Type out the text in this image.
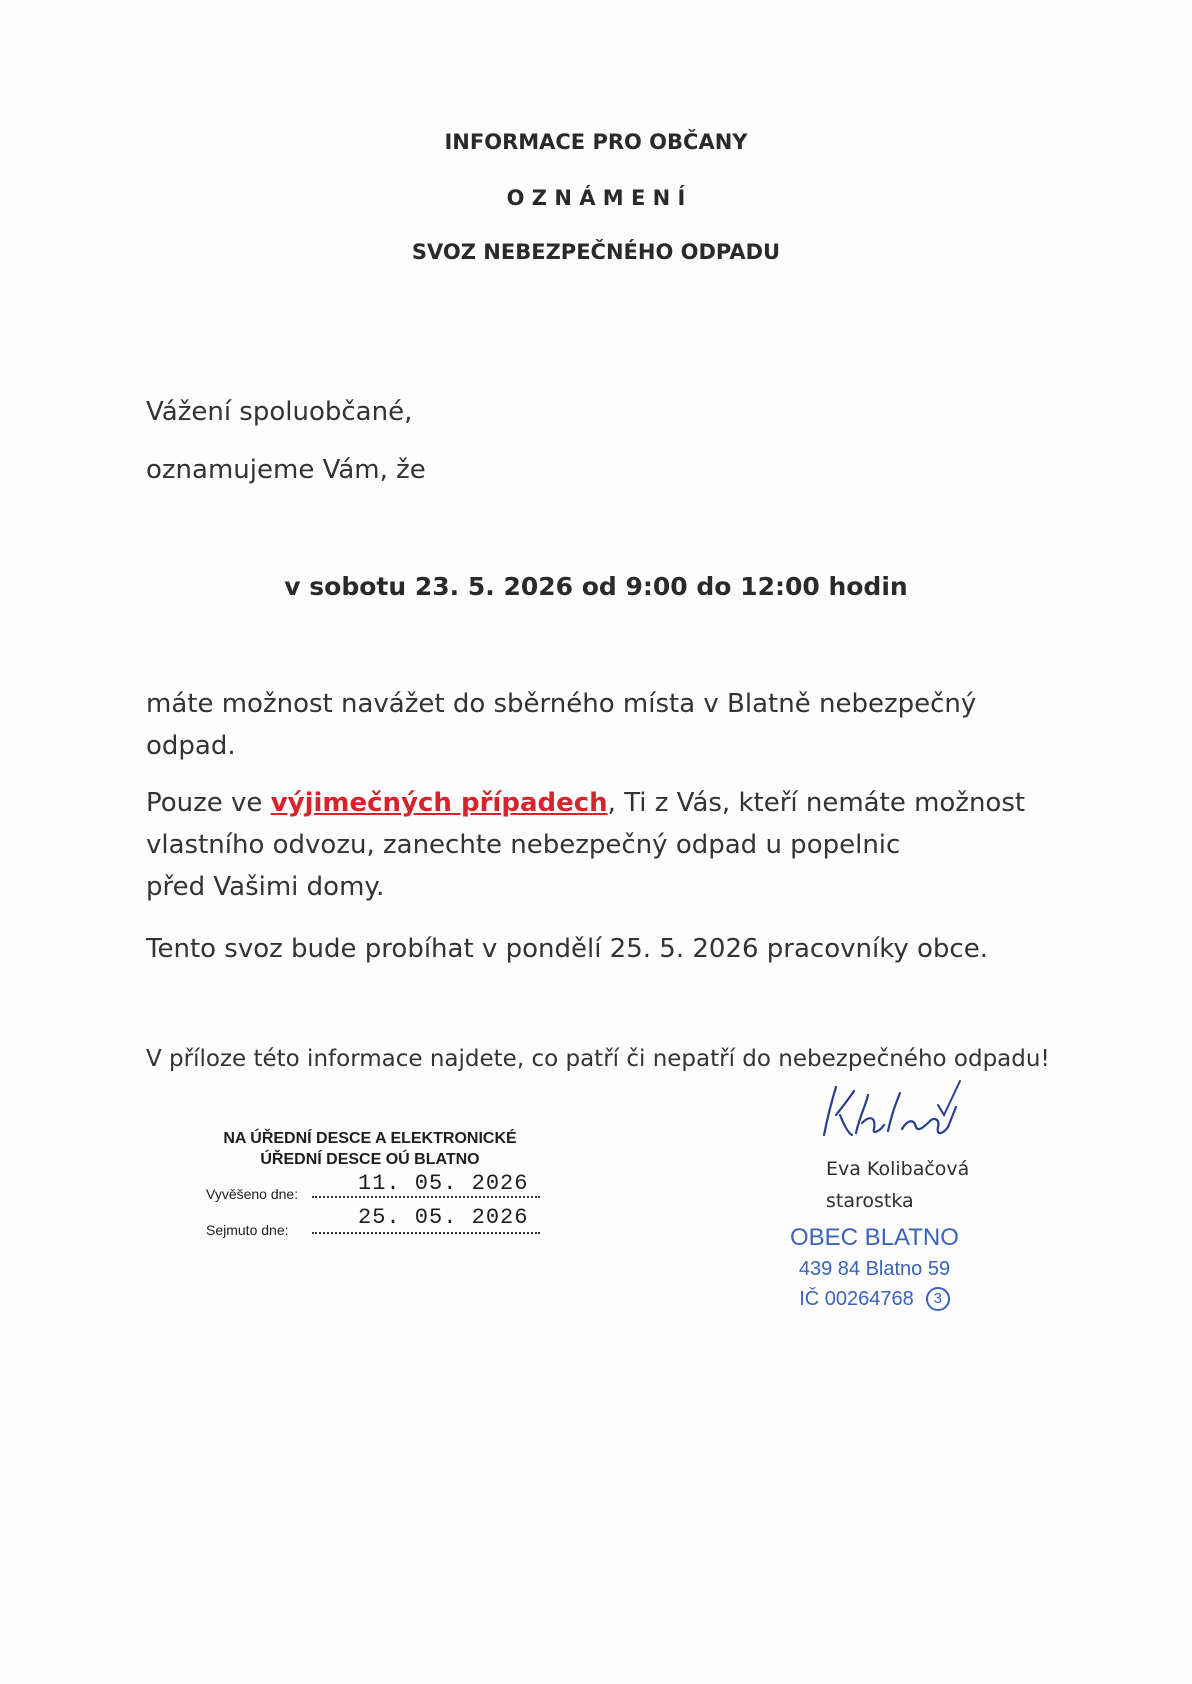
INFORMACE PRO OBČANY
O Z N Á M E N Í
SVOZ NEBEZPEČNÉHO ODPADU
Vážení spoluobčané,
oznamujeme Vám, že
v sobotu 23. 5. 2026 od 9:00 do 12:00 hodin
máte možnost navážet do sběrného místa v Blatně nebezpečný odpad.
Pouze ve výjimečných případech, Ti z Vás, kteří nemáte možnost
vlastního odvozu, zanechte nebezpečný odpad u popelnic
před Vašimi domy.
Tento svoz bude probíhat v pondělí 25. 5. 2026 pracovníky obce.
V příloze této informace najdete, co patří či nepatří do nebezpečného odpadu!
NA ÚŘEDNÍ DESCE A ELEKTRONICKÉ
ÚŘEDNÍ DESCE OÚ BLATNO
Vyvěšeno dne:	11. 05. 2026
Sejmuto dne:	25. 05. 2026
Eva Kolibačová
starostka
OBEC BLATNO
439 84 Blatno 59
IČ 00264768 3
